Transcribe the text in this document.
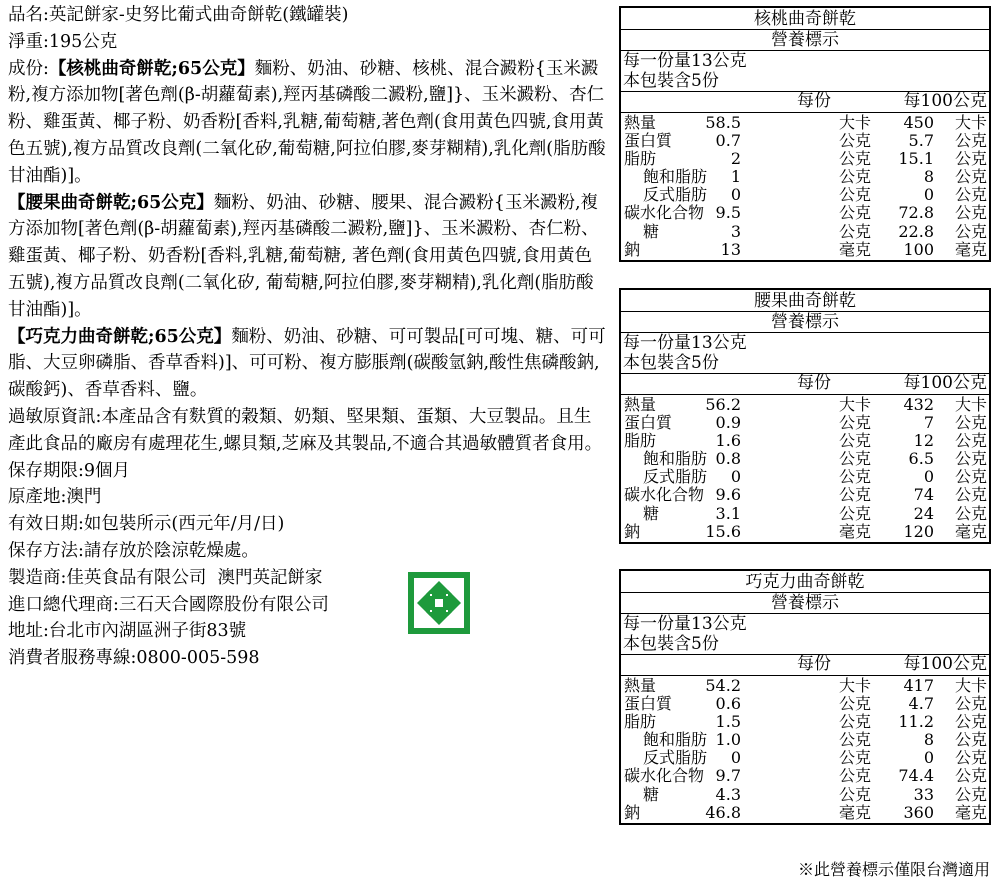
品名:英記餅家-史努比葡式曲奇餅乾(鐵罐裝)

淨重:195公克

成份:【核桃曲奇餅乾;65公克】麵粉、奶油、砂糖、核桃、混合澱粉{玉米澱粉,複方添加物[著色劑(β-胡蘿蔔素),羥丙基磷酸二澱粉,鹽]}、玉米澱粉、杏仁粉、雞蛋黃、椰子粉、奶香粉[香料,乳糖,葡萄糖,著色劑(食用黃色四號,食用黃色五號),複方品質改良劑(二氧化矽,葡萄糖,阿拉伯膠,麥芽糊精),乳化劑(脂肪酸甘油酯)]。

【腰果曲奇餅乾;65公克】麵粉、奶油、砂糖、腰果、混合澱粉{玉米澱粉,複方添加物[著色劑(β-胡蘿蔔素),羥丙基磷酸二澱粉,鹽]}、玉米澱粉、杏仁粉、雞蛋黃、椰子粉、奶香粉[香料,乳糖,葡萄糖, 著色劑(食用黃色四號,食用黃色五號),複方品質改良劑(二氧化矽, 葡萄糖,阿拉伯膠,麥芽糊精),乳化劑(脂肪酸甘油酯)]。

【巧克力曲奇餅乾;65公克】麵粉、奶油、砂糖、可可製品[可可塊、糖、可可脂、大豆卵磷脂、香草香料)]、可可粉、複方膨脹劑(碳酸氫鈉,酸性焦磷酸鈉,碳酸鈣)、香草香料、鹽。

過敏原資訊:本產品含有麩質的穀類、奶類、堅果類、蛋類、大豆製品。且生產此食品的廠房有處理花生,螺貝類,芝麻及其製品,不適合其過敏體質者食用。

保存期限:9個月

原產地:澳門

有效日期:如包裝所示(西元年/月/日)

保存方法:請存放於陰涼乾燥處。

製造商:佳英食品有限公司  澳門英記餅家

進口總代理商:三石天合國際股份有限公司

地址:台北市內湖區洲子街83號

消費者服務專線:0800-005-598

核桃曲奇餅乾
營養標示
每一份量13公克
本包裝含5份
每份	每100公克
熱量	58.5	大卡 450 大卡
蛋白質	0.7	公克 5.7 公克
脂肪	2	公克 15.1 公克
飽和脂肪 1	公克	8 公克
反式脂肪 0	公克	0 公克
碳水化合物 9.5	公克 72.8 公克
糖	3	公克 22.8 公克
鈉	13	毫克 100 毫克
腰果曲奇餅乾
營養標示
每一份量13公克
本包裝含5份
每份	每100公克
熱量	56.2	大卡 432 大卡
蛋白質	0.9	公克	7 公克
脂肪	1.6	公克	12 公克
飽和脂肪 0.8	公克 6.5 公克
反式脂肪 0	公克	0 公克
碳水化合物 9.6	公克	74 公克
糖	3.1	公克	24 公克
鈉	15.6	毫克 120 毫克
巧克力曲奇餅乾
營養標示
每一份量13公克
本包裝含5份
每份	每100公克
熱量	54.2	大卡 417 大卡
蛋白質	0.6	公克 4.7 公克
脂肪	1.5	公克 11.2 公克
飽和脂肪 1.0	公克	8 公克
反式脂肪 0	公克	0 公克
碳水化合物 9.7	公克 74.4 公克
糖	4.3	公克	33 公克
鈉	46.8	毫克 360 毫克
※此營養標示僅限台灣適用
